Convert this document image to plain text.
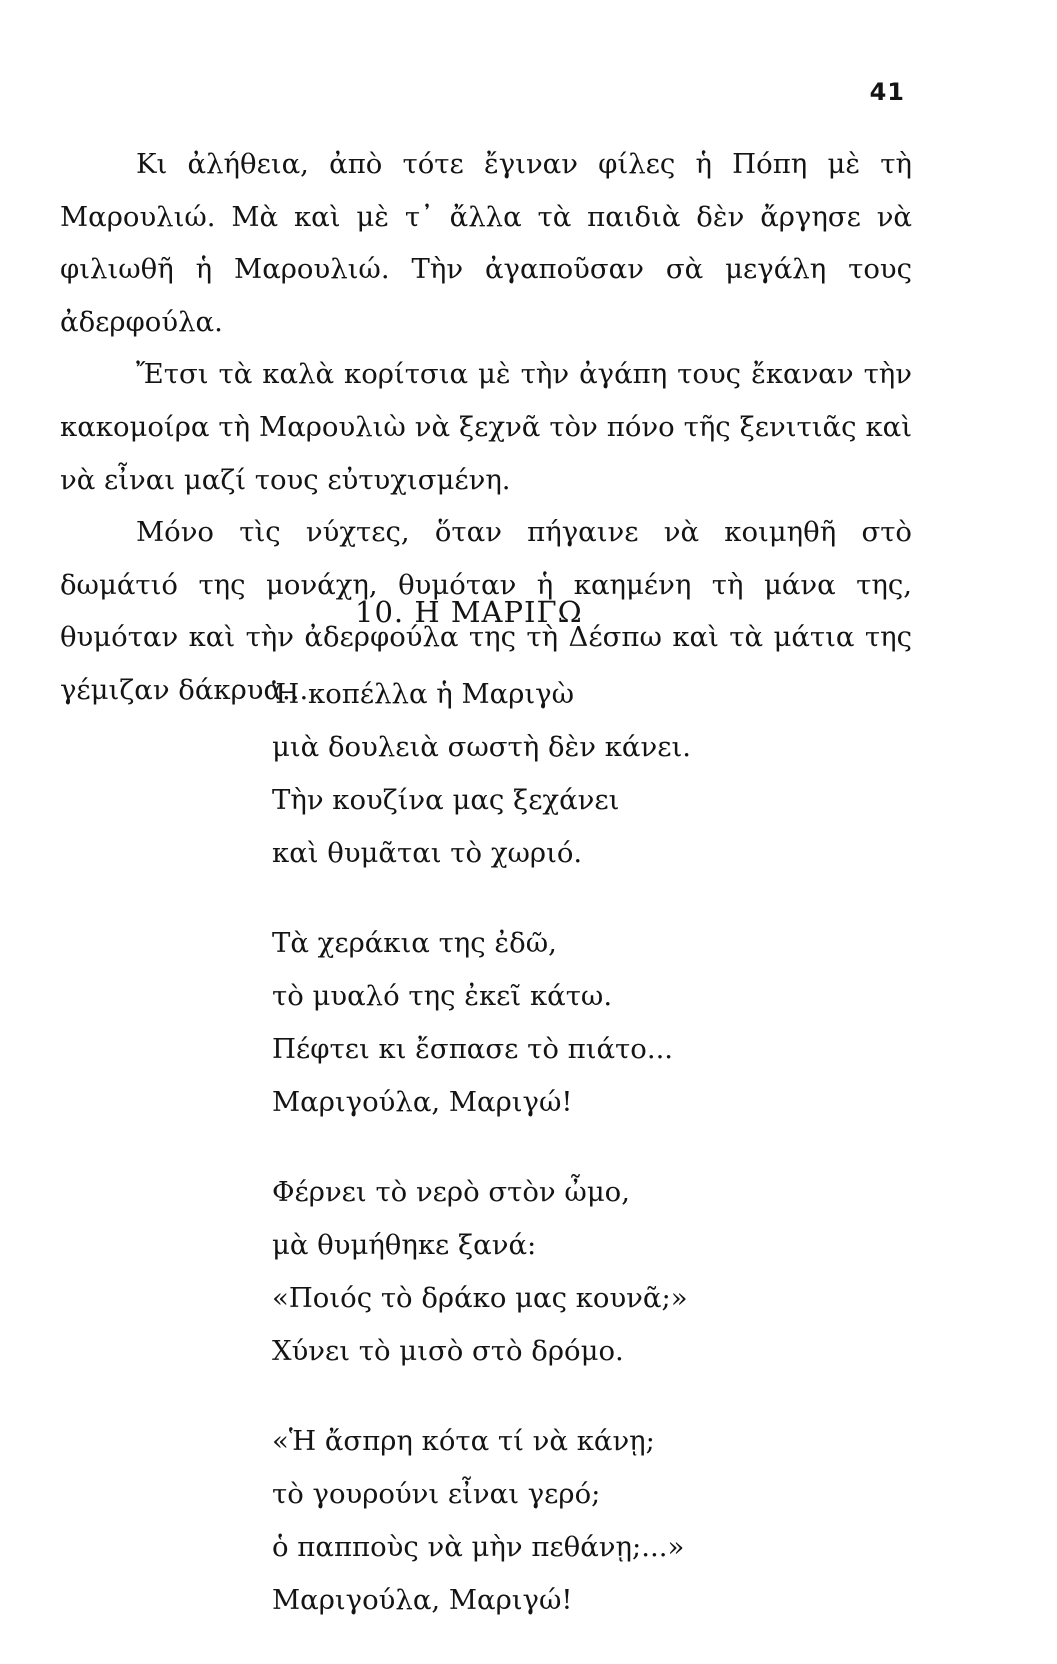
41

Κι ἀλήθεια, ἀπὸ τότε ἔγιναν φίλες ἡ Πόπη μὲ τὴ Μαρουλιώ. Μὰ καὶ μὲ τ᾽ ἄλλα τὰ παιδιὰ δὲν ἄργησε νὰ φιλιωθῆ ἡ Μαρουλιώ. Τὴν ἀγαποῦσαν σὰ μεγάλη τους ἀδερφούλα.

Ἔτσι τὰ καλὰ κορίτσια μὲ τὴν ἀγάπη τους ἔκαναν τὴν κακομοίρα τὴ Μαρουλιὼ νὰ ξεχνᾶ τὸν πόνο τῆς ξενιτιᾶς καὶ νὰ εἶναι μαζί τους εὐτυχισμένη.

Μόνο τὶς νύχτες, ὅταν πήγαινε νὰ κοιμηθῆ στὸ δωμάτιό της μονάχη, θυμόταν ἡ καημένη τὴ μάνα της, θυμόταν καὶ τὴν ἀδερφούλα της τὴ Δέσπω καὶ τὰ μάτια της γέμιζαν δάκρυα...

10. Η ΜΑΡΙΓΩ
Ἡ κοπέλλα ἡ Μαριγὼ
μιὰ δουλειὰ σωστὴ δὲν κάνει.
Τὴν κουζίνα μας ξεχάνει
καὶ θυμᾶται τὸ χωριό.
Τὰ χεράκια της ἐδῶ,
τὸ μυαλό της ἐκεῖ κάτω.
Πέφτει κι ἔσπασε τὸ πιάτο...
Μαριγούλα, Μαριγώ!
Φέρνει τὸ νερὸ στὸν ὦμο,
μὰ θυμήθηκε ξανά:
«Ποιός τὸ δράκο μας κουνᾶ;»
Χύνει τὸ μισὸ στὸ δρόμο.
«Ἡ ἄσπρη κότα τί νὰ κάνῃ;
τὸ γουρούνι εἶναι γερό;
ὁ παπποὺς νὰ μὴν πεθάνῃ;...»
Μαριγούλα, Μαριγώ!
